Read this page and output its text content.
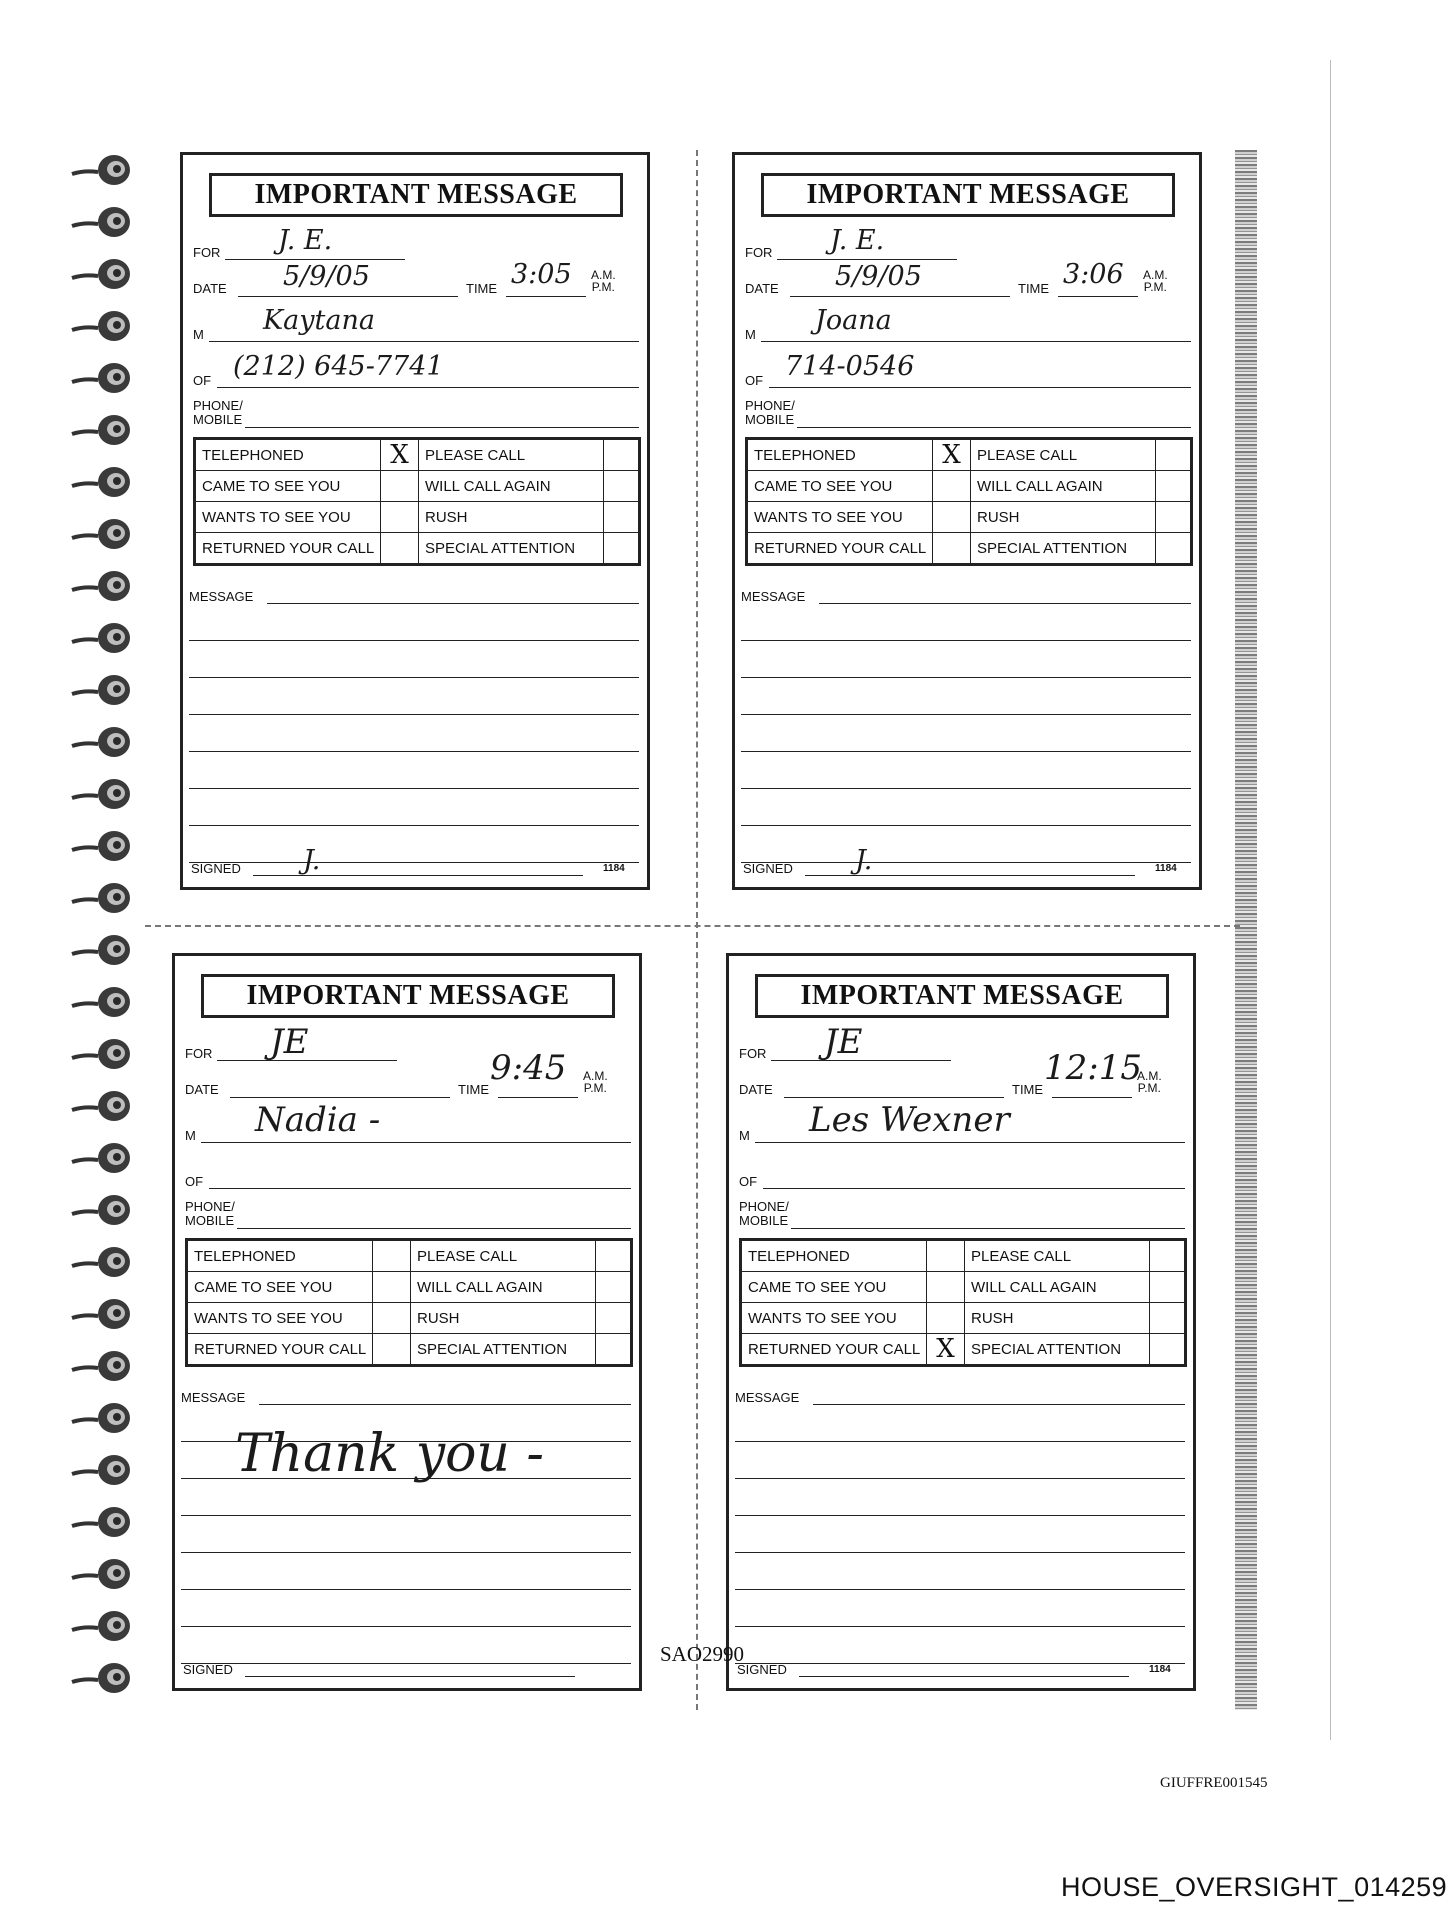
IMPORTANT MESSAGE
FOR J. E.
DATE 5/9/05	TIME 3:05 A.M.
P.M.
M Kaytana
OF (212) 645-7741
PHONE/
MOBILE
TELEPHONED	X	PLEASE CALL
CAME TO SEE YOU	WILL CALL AGAIN
WANTS TO SEE YOU	RUSH
RETURNED YOUR CALL	SPECIAL ATTENTION
MESSAGE
SIGNED J.	1184
IMPORTANT MESSAGE
FOR J. E.
DATE 5/9/05	TIME 3:06 A.M.
P.M.
M Joana
OF 714-0546
PHONE/
MOBILE
TELEPHONED	X	PLEASE CALL
CAME TO SEE YOU	WILL CALL AGAIN
WANTS TO SEE YOU	RUSH
RETURNED YOUR CALL	SPECIAL ATTENTION
MESSAGE
SIGNED J.	1184
IMPORTANT MESSAGE
FOR JE
DATE	TIME
9:45 A.M.
P.M.
M Nadia -
OF
PHONE/
MOBILE
TELEPHONED	PLEASE CALL
CAME TO SEE YOU	WILL CALL AGAIN
WANTS TO SEE YOU	RUSH
RETURNED YOUR CALL	SPECIAL ATTENTION
MESSAGE
Thank you -
SIGNED
IMPORTANT MESSAGE
FOR JE
DATE	TIME
12:15
A.M.
P.M.
M Les Wexner
OF
PHONE/
MOBILE
TELEPHONED	PLEASE CALL
CAME TO SEE YOU	WILL CALL AGAIN
WANTS TO SEE YOU	RUSH
RETURNED YOUR CALL X	SPECIAL ATTENTION
MESSAGE
SIGNED	1184
SAO2990
GIUFFRE001545
HOUSE_OVERSIGHT_014259
